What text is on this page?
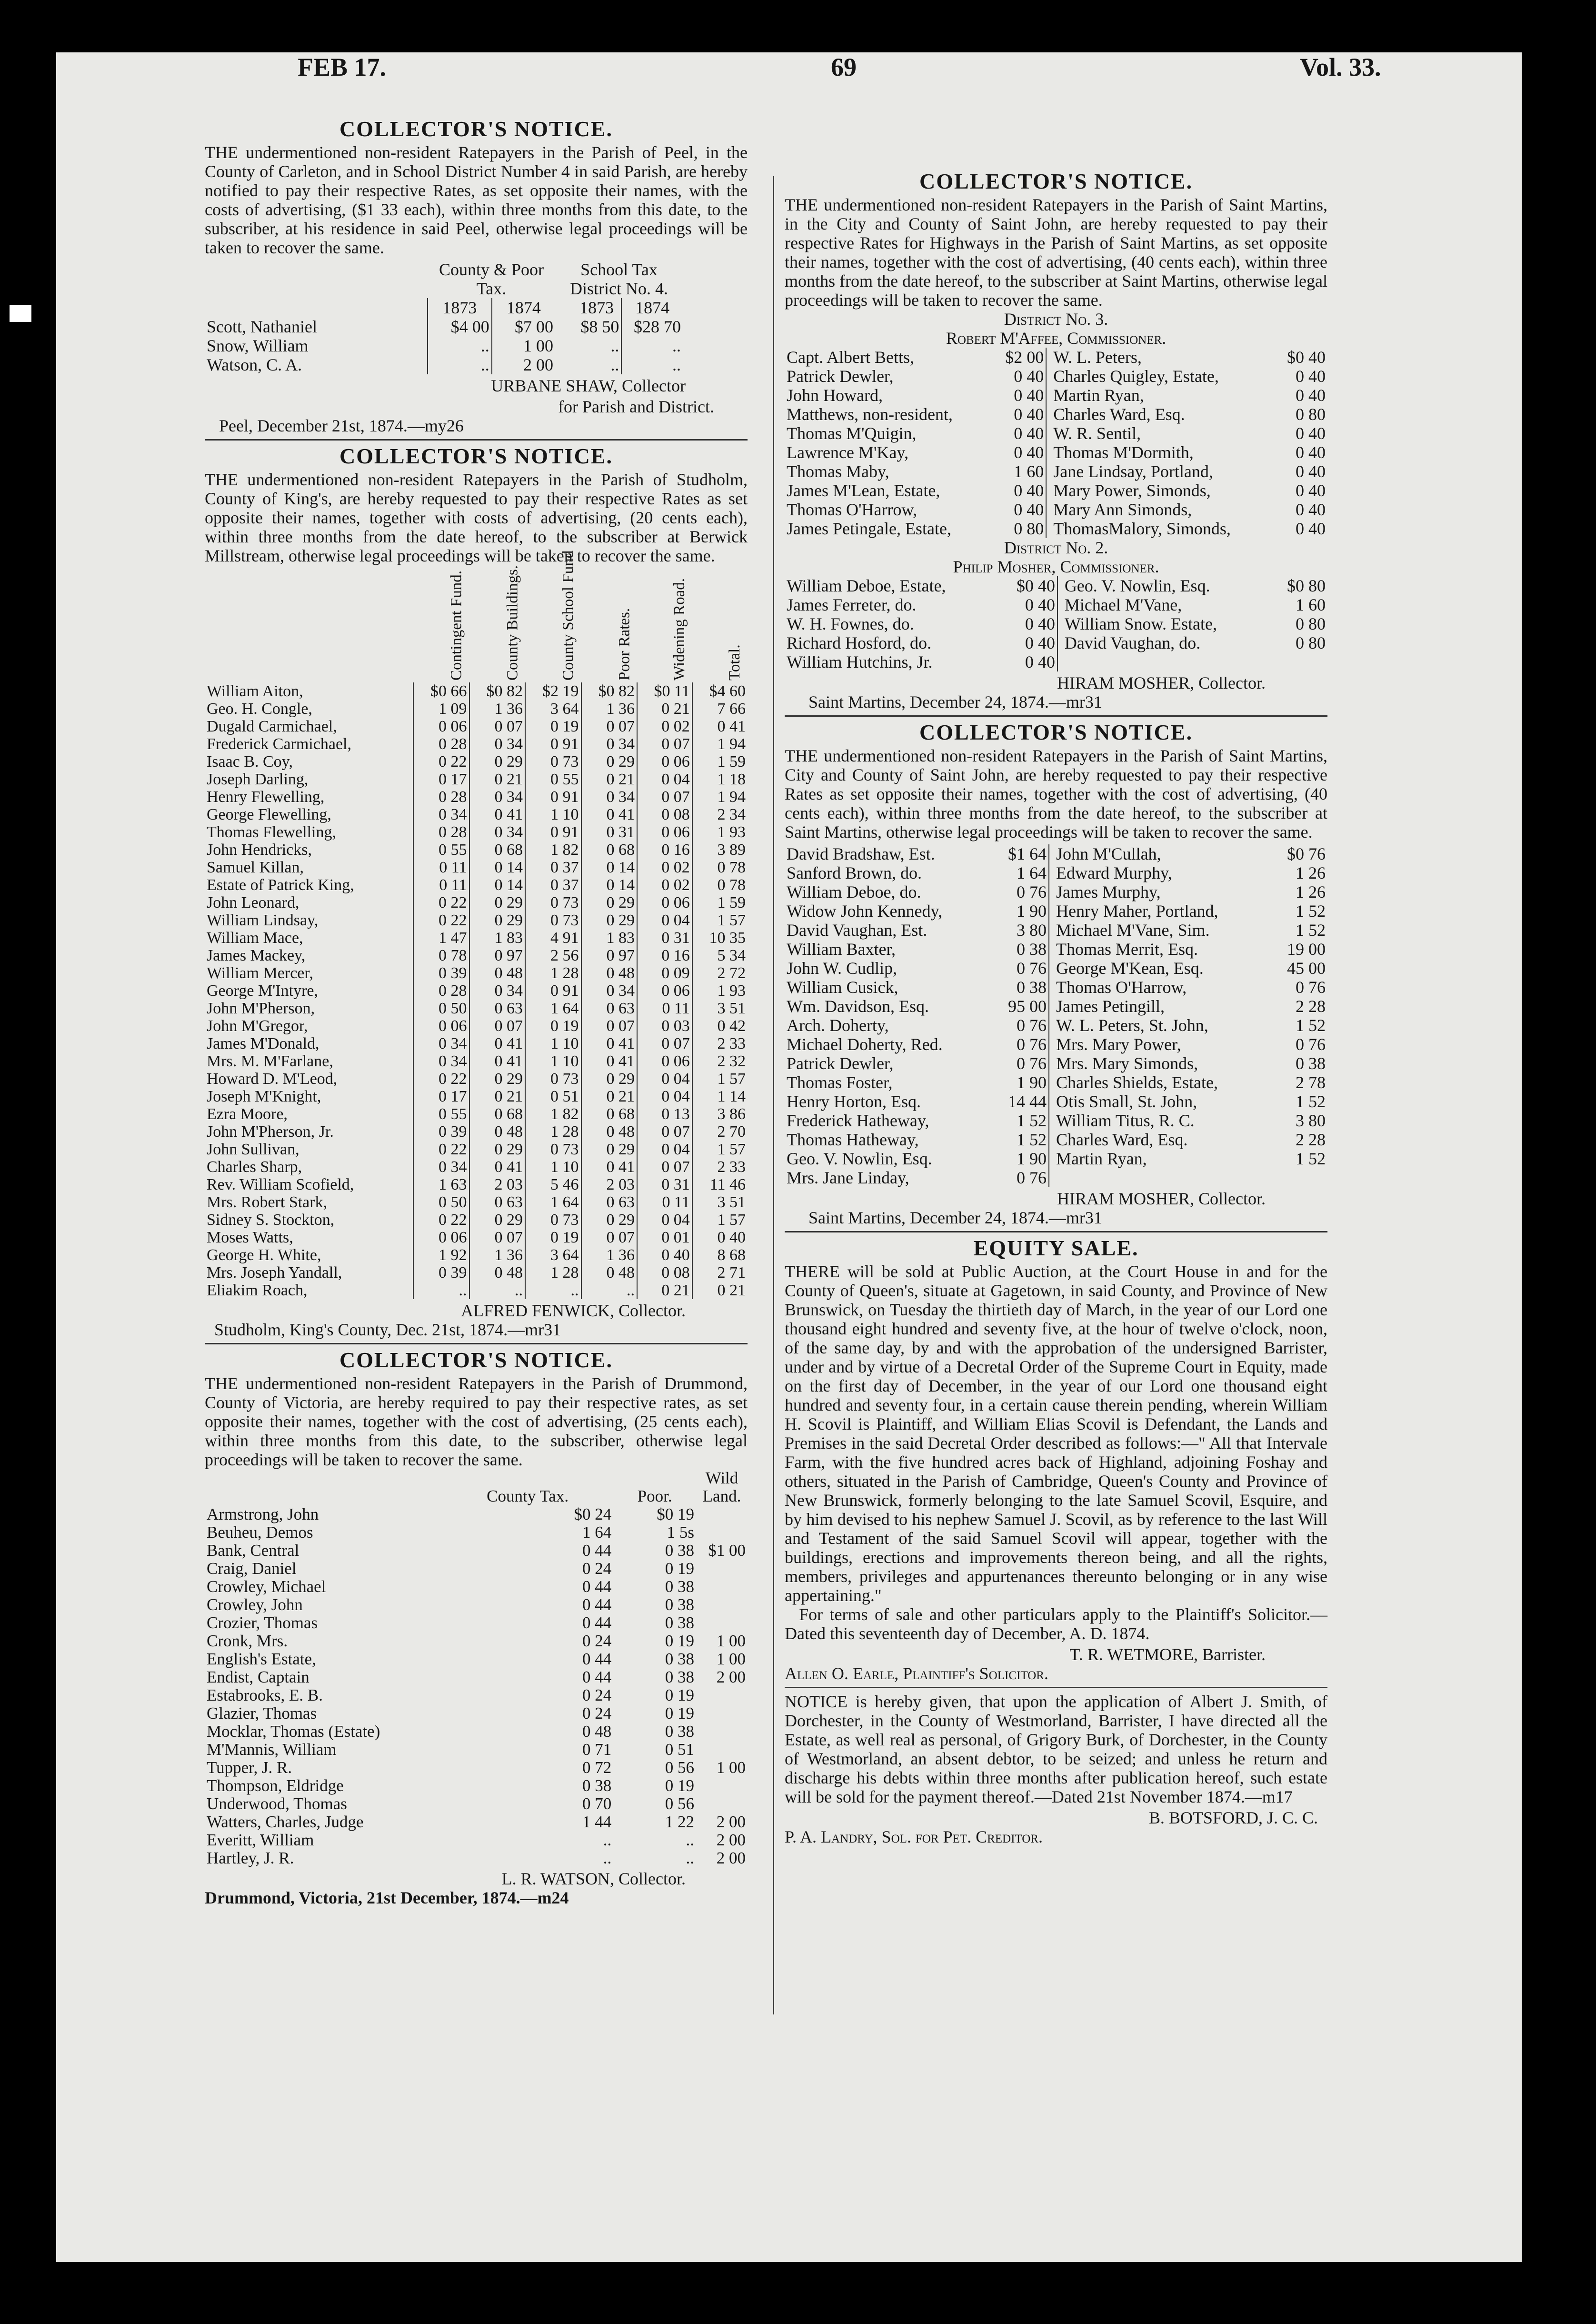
FEB 17.	69	Vol. 33.
COLLECTOR'S NOTICE.

THE undermentioned non-resident Ratepayers in the Parish of Peel, in the County of Carleton, and in School District Number 4 in said Parish, are hereby notified to pay their respective Rates, as set opposite their names, with the costs of advertising, ($1 33 each), within three months from this date, to the subscriber, at his residence in said Peel, otherwise legal proceedings will be taken to recover the same.

	County & Poor Tax.		School Tax District No. 4.	
	1873	1874	1873	1874
Scott, Nathaniel	$4 00	$7 00	$8 50	$28 70
Snow, William	..	1 00	..	..
Watson, C. A.	..	2 00	..	..
URBANE SHAW, Collector
for Parish and District.
Peel, December 21st, 1874.—my26
COLLECTOR'S NOTICE.

THE undermentioned non-resident Ratepayers in the Parish of Studholm, County of King's, are hereby requested to pay their respective Rates as set opposite their names, together with costs of advertising, (20 cents each), within three months from the date hereof, to the subscriber at Berwick Millstream, otherwise legal proceedings will be taken to recover the same.

	Contingent Fund.	County Buildings.	County School Fund	Poor Rates.	Widening Road.	Total.
William Aiton,	$0 66	$0 82	$2 19	$0 82	$0 11	$4 60
Geo. H. Congle,	1 09	1 36	3 64	1 36	0 21	7 66
Dugald Carmichael,	0 06	0 07	0 19	0 07	0 02	0 41
Frederick Carmichael,	0 28	0 34	0 91	0 34	0 07	1 94
Isaac B. Coy,	0 22	0 29	0 73	0 29	0 06	1 59
Joseph Darling,	0 17	0 21	0 55	0 21	0 04	1 18
Henry Flewelling,	0 28	0 34	0 91	0 34	0 07	1 94
George Flewelling,	0 34	0 41	1 10	0 41	0 08	2 34
Thomas Flewelling,	0 28	0 34	0 91	0 31	0 06	1 93
John Hendricks,	0 55	0 68	1 82	0 68	0 16	3 89
Samuel Killan,	0 11	0 14	0 37	0 14	0 02	0 78
Estate of Patrick King,	0 11	0 14	0 37	0 14	0 02	0 78
John Leonard,	0 22	0 29	0 73	0 29	0 06	1 59
William Lindsay,	0 22	0 29	0 73	0 29	0 04	1 57
William Mace,	1 47	1 83	4 91	1 83	0 31	10 35
James Mackey,	0 78	0 97	2 56	0 97	0 16	5 34
William Mercer,	0 39	0 48	1 28	0 48	0 09	2 72
George M'Intyre,	0 28	0 34	0 91	0 34	0 06	1 93
John M'Pherson,	0 50	0 63	1 64	0 63	0 11	3 51
John M'Gregor,	0 06	0 07	0 19	0 07	0 03	0 42
James M'Donald,	0 34	0 41	1 10	0 41	0 07	2 33
Mrs. M. M'Farlane,	0 34	0 41	1 10	0 41	0 06	2 32
Howard D. M'Leod,	0 22	0 29	0 73	0 29	0 04	1 57
Joseph M'Knight,	0 17	0 21	0 51	0 21	0 04	1 14
Ezra Moore,	0 55	0 68	1 82	0 68	0 13	3 86
John M'Pherson, Jr.	0 39	0 48	1 28	0 48	0 07	2 70
John Sullivan,	0 22	0 29	0 73	0 29	0 04	1 57
Charles Sharp,	0 34	0 41	1 10	0 41	0 07	2 33
Rev. William Scofield,	1 63	2 03	5 46	2 03	0 31	11 46
Mrs. Robert Stark,	0 50	0 63	1 64	0 63	0 11	3 51
Sidney S. Stockton,	0 22	0 29	0 73	0 29	0 04	1 57
Moses Watts,	0 06	0 07	0 19	0 07	0 01	0 40
George H. White,	1 92	1 36	3 64	1 36	0 40	8 68
Mrs. Joseph Yandall,	0 39	0 48	1 28	0 48	0 08	2 71
Eliakim Roach,	..	..	..	..	0 21	0 21
ALFRED FENWICK, Collector.
Studholm, King's County, Dec. 21st, 1874.—mr31
COLLECTOR'S NOTICE.

THE undermentioned non-resident Ratepayers in the Parish of Drummond, County of Victoria, are hereby required to pay their respective rates, as set opposite their names, together with the cost of advertising, (25 cents each), within three months from this date, to the subscriber, otherwise legal proceedings will be taken to recover the same.

	County Tax.	Poor.	Wild Land.
Armstrong, John	$0 24	$0 19	
Beuheu, Demos	1 64	1 5s	
Bank, Central	0 44	0 38	$1 00
Craig, Daniel	0 24	0 19	
Crowley, Michael	0 44	0 38	
Crowley, John	0 44	0 38	
Crozier, Thomas	0 44	0 38	
Cronk, Mrs.	0 24	0 19	1 00
English's Estate,	0 44	0 38	1 00
Endist, Captain	0 44	0 38	2 00
Estabrooks, E. B.	0 24	0 19	
Glazier, Thomas	0 24	0 19	
Mocklar, Thomas (Estate)	0 48	0 38	
M'Mannis, William	0 71	0 51	
Tupper, J. R.	0 72	0 56	1 00
Thompson, Eldridge	0 38	0 19	
Underwood, Thomas	0 70	0 56	
Watters, Charles, Judge	1 44	1 22	2 00
Everitt, William	..	..	2 00
Hartley, J. R.	..	..	2 00
L. R. WATSON, Collector.
Drummond, Victoria, 21st December, 1874.—m24
COLLECTOR'S NOTICE.

THE undermentioned non-resident Ratepayers in the Parish of Saint Martins, in the City and County of Saint John, are hereby requested to pay their respective Rates for Highways in the Parish of Saint Martins, as set opposite their names, together with the cost of advertising, (40 cents each), within three months from the date hereof, to the subscriber at Saint Martins, otherwise legal proceedings will be taken to recover the same.

District No. 3.
Robert M'Affee, Commissioner.
Capt. Albert Betts,	$2 00	W. L. Peters,	$0 40
Patrick Dewler,	0 40	Charles Quigley, Estate,	0 40
John Howard,	0 40	Martin Ryan,	0 40
Matthews, non-resident,	0 40	Charles Ward, Esq.	0 80
Thomas M'Quigin,	0 40	W. R. Sentil,	0 40
Lawrence M'Kay,	0 40	Thomas M'Dormith,	0 40
Thomas Maby,	1 60	Jane Lindsay, Portland,	0 40
James M'Lean, Estate,	0 40	Mary Power, Simonds,	0 40
Thomas O'Harrow,	0 40	Mary Ann Simonds,	0 40
James Petingale, Estate,	0 80	ThomasMalory, Simonds,	0 40
District No. 2.
Philip Mosher, Commissioner.
William Deboe, Estate,	$0 40	Geo. V. Nowlin, Esq.	$0 80
James Ferreter, do.	0 40	Michael M'Vane,	1 60
W. H. Fownes, do.	0 40	William Snow. Estate,	0 80
Richard Hosford, do.	0 40	David Vaughan, do.	0 80
William Hutchins, Jr.	0 40		
HIRAM MOSHER, Collector.
Saint Martins, December 24, 1874.—mr31
COLLECTOR'S NOTICE.

THE undermentioned non-resident Ratepayers in the Parish of Saint Martins, City and County of Saint John, are hereby requested to pay their respective Rates as set opposite their names, together with the cost of advertising, (40 cents each), within three months from the date hereof, to the subscriber at Saint Martins, otherwise legal proceedings will be taken to recover the same.

David Bradshaw, Est.	$1 64	John M'Cullah,	$0 76
Sanford Brown, do.	1 64	Edward Murphy,	1 26
William Deboe, do.	0 76	James Murphy,	1 26
Widow John Kennedy,	1 90	Henry Maher, Portland,	1 52
David Vaughan, Est.	3 80	Michael M'Vane, Sim.	1 52
William Baxter,	0 38	Thomas Merrit, Esq.	19 00
John W. Cudlip,	0 76	George M'Kean, Esq.	45 00
William Cusick,	0 38	Thomas O'Harrow,	0 76
Wm. Davidson, Esq.	95 00	James Petingill,	2 28
Arch. Doherty,	0 76	W. L. Peters, St. John,	1 52
Michael Doherty, Red.	0 76	Mrs. Mary Power,	0 76
Patrick Dewler,	0 76	Mrs. Mary Simonds,	0 38
Thomas Foster,	1 90	Charles Shields, Estate,	2 78
Henry Horton, Esq.	14 44	Otis Small, St. John,	1 52
Frederick Hatheway,	1 52	William Titus, R. C.	3 80
Thomas Hatheway,	1 52	Charles Ward, Esq.	2 28
Geo. V. Nowlin, Esq.	1 90	Martin Ryan,	1 52
Mrs. Jane Linday,	0 76		
HIRAM MOSHER, Collector.
Saint Martins, December 24, 1874.—mr31
EQUITY SALE.

THERE will be sold at Public Auction, at the Court House in and for the County of Queen's, situate at Gagetown, in said County, and Province of New Brunswick, on Tuesday the thirtieth day of March, in the year of our Lord one thousand eight hundred and seventy five, at the hour of twelve o'clock, noon, of the same day, by and with the approbation of the undersigned Barrister, under and by virtue of a Decretal Order of the Supreme Court in Equity, made on the first day of December, in the year of our Lord one thousand eight hundred and seventy four, in a certain cause therein pending, wherein William H. Scovil is Plaintiff, and William Elias Scovil is Defendant, the Lands and Premises in the said Decretal Order described as follows:—" All that Intervale Farm, with the five hundred acres back of Highland, adjoining Foshay and others, situated in the Parish of Cambridge, Queen's County and Province of New Brunswick, formerly belonging to the late Samuel Scovil, Esquire, and by him devised to his nephew Samuel J. Scovil, as by reference to the last Will and Testament of the said Samuel Scovil will appear, together with the buildings, erections and improvements thereon being, and all the rights, members, privileges and appurtenances thereunto belonging or in any wise appertaining."

For terms of sale and other particulars apply to the Plaintiff's Solicitor.—Dated this seventeenth day of December, A. D. 1874.

T. R. WETMORE, Barrister.
Allen O. Earle, Plaintiff's Solicitor.

NOTICE is hereby given, that upon the application of Albert J. Smith, of Dorchester, in the County of Westmorland, Barrister, I have directed all the Estate, as well real as personal, of Grigory Burk, of Dorchester, in the County of Westmorland, an absent debtor, to be seized; and unless he return and discharge his debts within three months after publication hereof, such estate will be sold for the payment thereof.—Dated 21st November 1874.—m17

B. BOTSFORD, J. C. C.
P. A. Landry, Sol. for Pet. Creditor.
